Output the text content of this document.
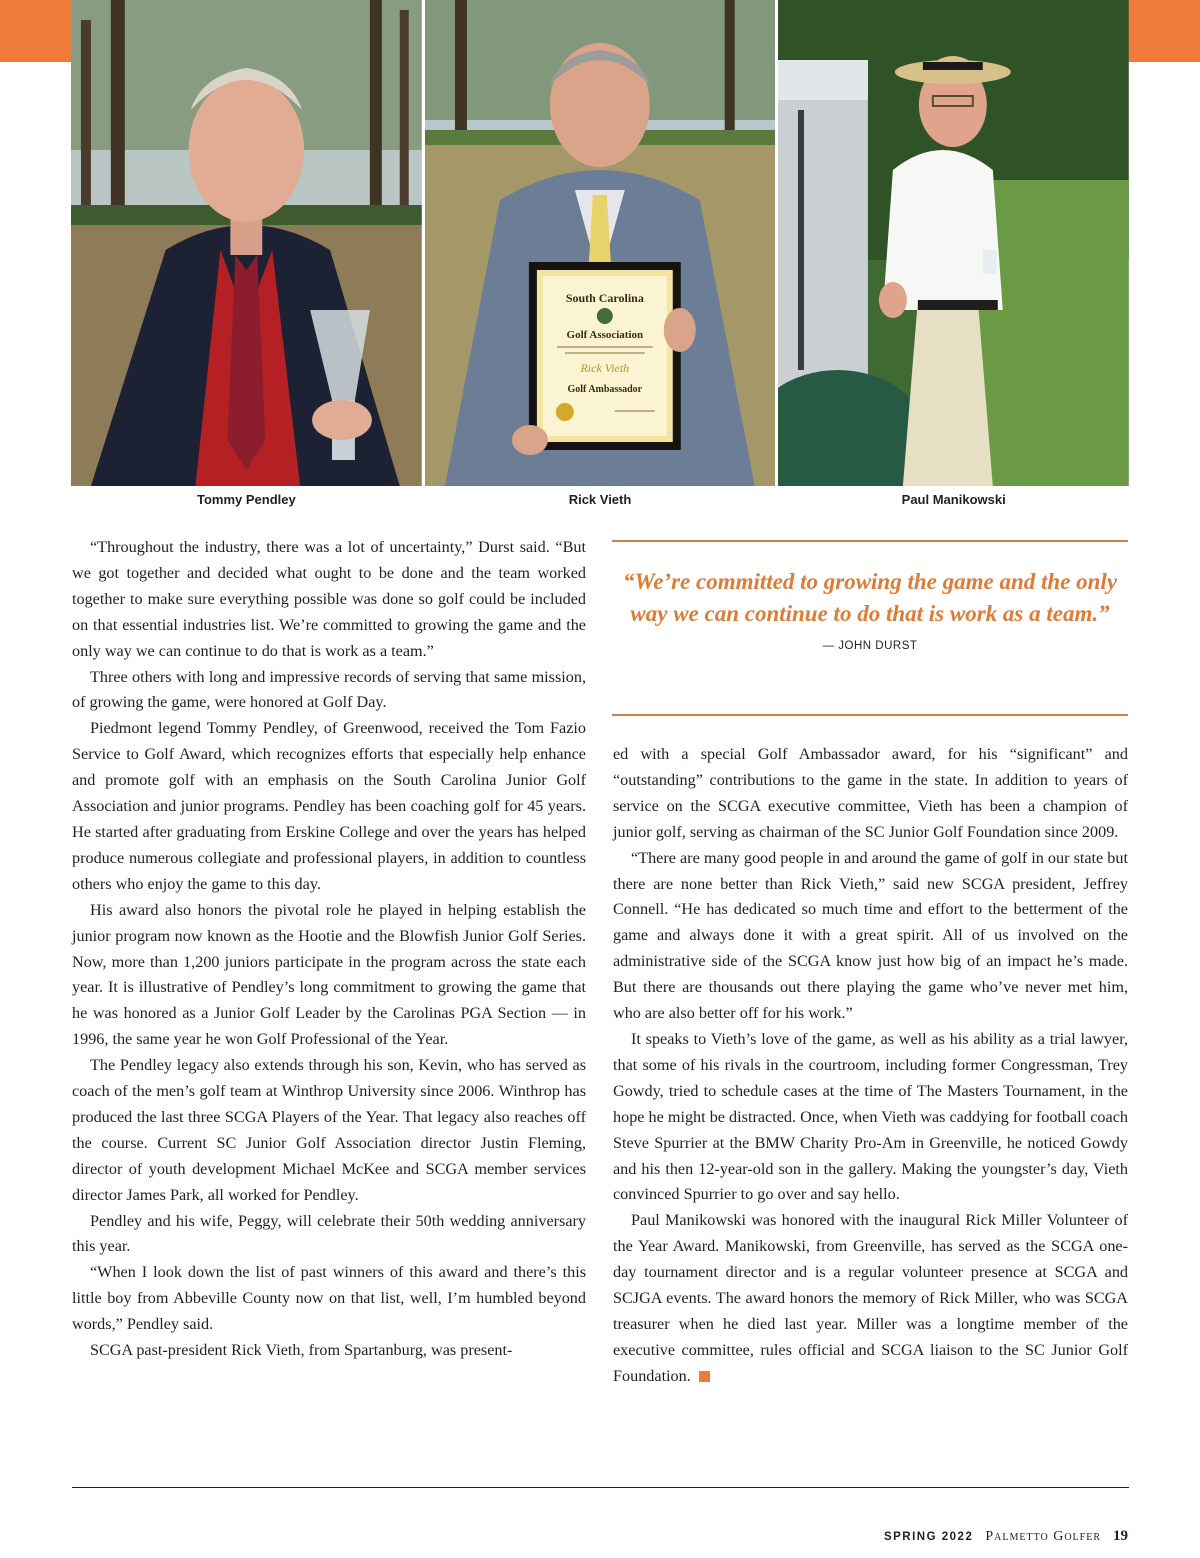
South Carolina
Golf Association
Rick Vieth
Golf Ambassador
Tommy Pendley	Rick Vieth	Paul Manikowski

“Throughout the industry, there was a lot of uncertainty,” Durst said. “But we got together and decided what ought to be done and the team worked together to make sure everything possible was done so golf could be included on that essential industries list. We’re committed to growing the game and the only way we can continue to do that is work as a team.”

Three others with long and impressive records of serving that same mission, of growing the game, were honored at Golf Day.

Piedmont legend Tommy Pendley, of Greenwood, received the Tom Fazio Service to Golf Award, which recognizes efforts that especially help enhance and promote golf with an emphasis on the South Carolina Junior Golf Association and junior programs. Pendley has been coaching golf for 45 years. He started after graduating from Erskine College and over the years has helped produce numerous collegiate and professional players, in addition to countless others who enjoy the game to this day.

His award also honors the pivotal role he played in helping establish the junior program now known as the Hootie and the Blowfish Junior Golf Series. Now, more than 1,200 juniors participate in the program across the state each year. It is illustrative of Pendley’s long commitment to growing the game that he was honored as a Junior Golf Leader by the Carolinas PGA Section — in 1996, the same year he won Golf Professional of the Year.

The Pendley legacy also extends through his son, Kevin, who has served as coach of the men’s golf team at Winthrop University since 2006. Winthrop has produced the last three SCGA Players of the Year. That legacy also reaches off the course. Current SC Junior Golf Association director Justin Fleming, director of youth development Michael McKee and SCGA member services director James Park, all worked for Pendley.

Pendley and his wife, Peggy, will celebrate their 50th wedding anniversary this year.

“When I look down the list of past winners of this award and there’s this little boy from Abbeville County now on that list, well, I’m humbled beyond words,” Pendley said.

SCGA past-president Rick Vieth, from Spartanburg, was present-

“We’re committed to growing the game and the only way we can continue to do that is work as a team.”
— JOHN DURST

ed with a special Golf Ambassador award, for his “significant” and “outstanding” contributions to the game in the state. In addition to years of service on the SCGA executive committee, Vieth has been a champion of junior golf, serving as chairman of the SC Junior Golf Foundation since 2009.

“There are many good people in and around the game of golf in our state but there are none better than Rick Vieth,” said new SCGA president, Jeffrey Connell. “He has dedicated so much time and effort to the betterment of the game and always done it with a great spirit. All of us involved on the administrative side of the SCGA know just how big of an impact he’s made. But there are thousands out there playing the game who’ve never met him, who are also better off for his work.”

It speaks to Vieth’s love of the game, as well as his ability as a trial lawyer, that some of his rivals in the courtroom, including former Congressman, Trey Gowdy, tried to schedule cases at the time of The Masters Tournament, in the hope he might be distracted. Once, when Vieth was caddying for football coach Steve Spurrier at the BMW Charity Pro-Am in Greenville, he noticed Gowdy and his then 12-year-old son in the gallery. Making the youngster’s day, Vieth convinced Spurrier to go over and say hello.

Paul Manikowski was honored with the inaugural Rick Miller Volunteer of the Year Award. Manikowski, from Greenville, has served as the SCGA one-day tournament director and is a regular volunteer presence at SCGA and SCJGA events. The award honors the memory of Rick Miller, who was SCGA treasurer when he died last year. Miller was a longtime member of the executive committee, rules official and SCGA liaison to the SC Junior Golf Foundation.

SPRING 2022 Palmetto Golfer 19
